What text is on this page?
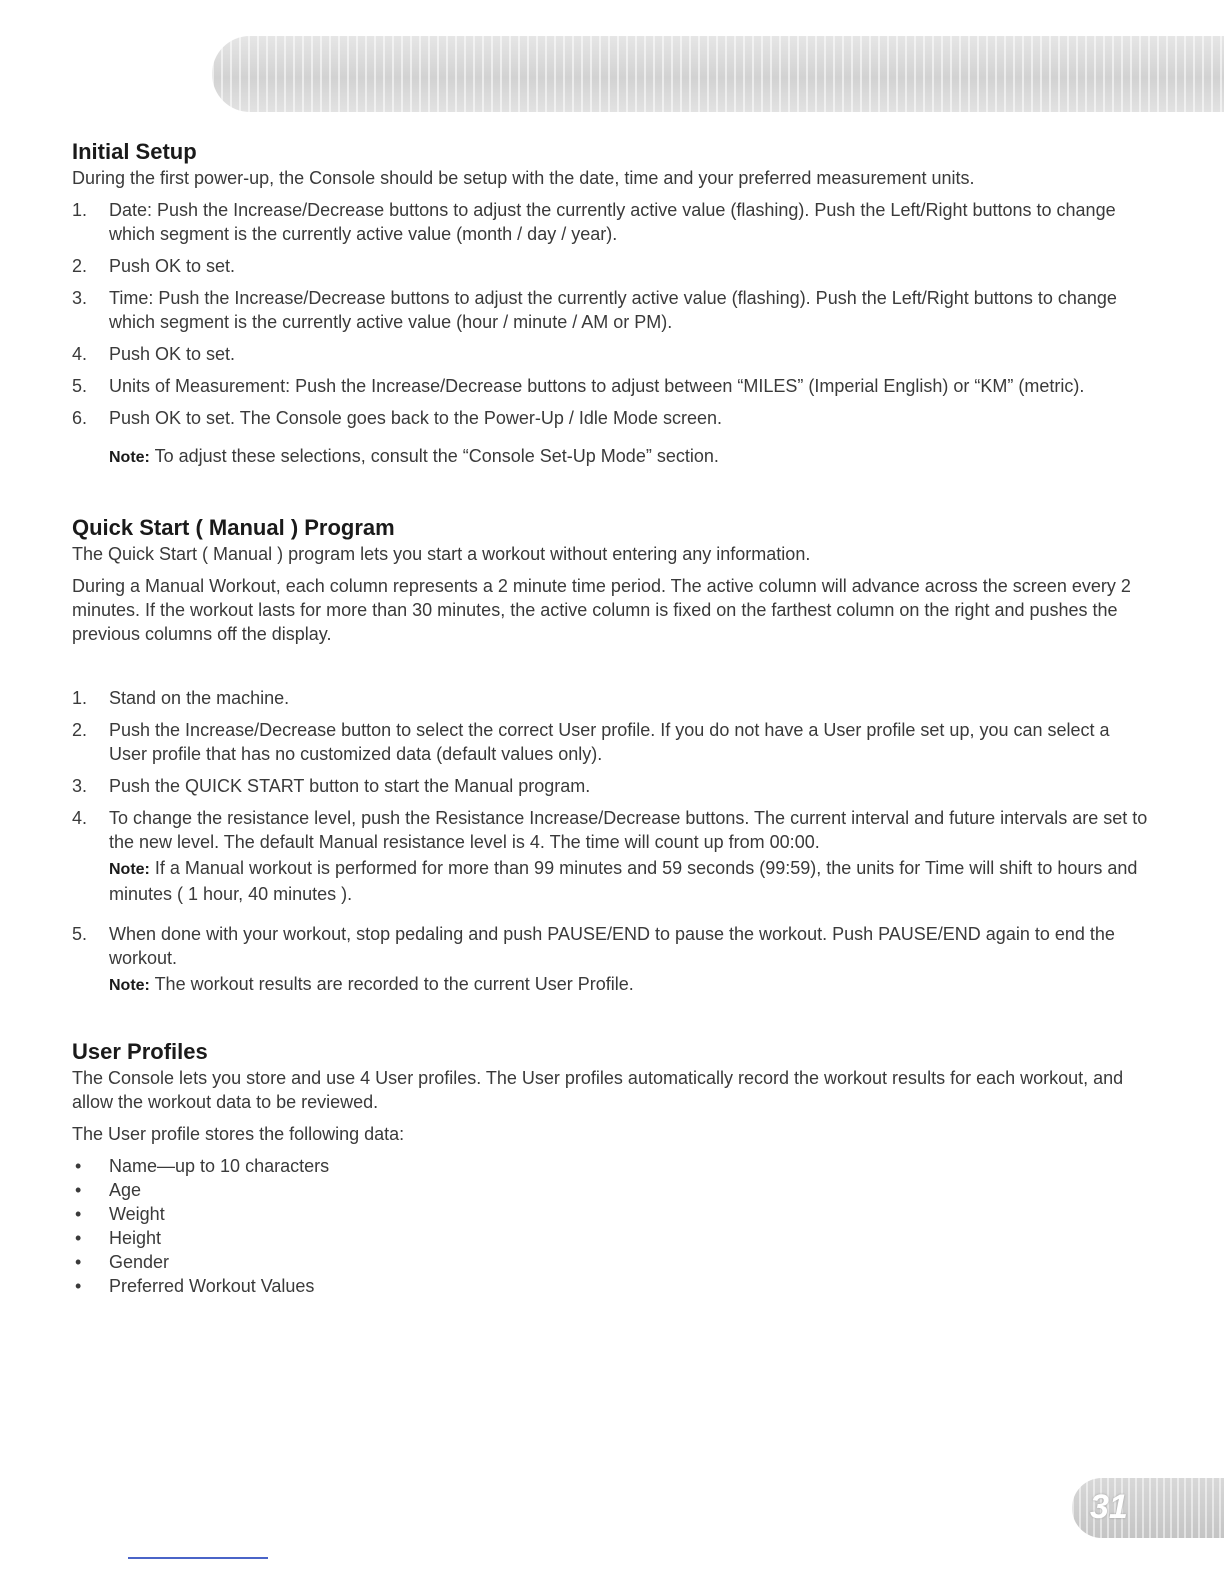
Initial Setup

During the first power-up, the Console should be setup with the date, time and your preferred measurement units.

1. Date: Push the Increase/Decrease buttons to adjust the currently active value (flashing). Push the Left/Right buttons to change which segment is the currently active value (month / day / year).
2. Push OK to set.
3. Time: Push the Increase/Decrease buttons to adjust the currently active value (flashing). Push the Left/Right buttons to change which segment is the currently active value (hour / minute / AM or PM).
4. Push OK to set.
5. Units of Measurement: Push the Increase/Decrease buttons to adjust between “MILES” (Imperial English) or “KM” (metric).
6. Push OK to set. The Console goes back to the Power-Up / Idle Mode screen.
Note: To adjust these selections, consult the “Console Set-Up Mode” section.
Quick Start ( Manual ) Program

The Quick Start ( Manual ) program lets you start a workout without entering any information.

During a Manual Workout, each column represents a 2 minute time period. The active column will advance across the screen every 2 minutes. If the workout lasts for more than 30 minutes, the active column is fixed on the farthest column on the right and pushes the previous columns off the display.

1. Stand on the machine.
2. Push the Increase/Decrease button to select the correct User profile. If you do not have a User profile set up, you can select a User profile that has no customized data (default values only).
3. Push the QUICK START button to start the Manual program.
4. To change the resistance level, push the Resistance Increase/Decrease buttons. The current interval and future intervals are set to the new level. The default Manual resistance level is 4. The time will count up from 00:00.
Note: If a Manual workout is performed for more than 99 minutes and 59 seconds (99:59), the units for Time will shift to hours and minutes ( 1 hour, 40 minutes ).
5. When done with your workout, stop pedaling and push PAUSE/END to pause the workout. Push PAUSE/END again to end the workout.
Note: The workout results are recorded to the current User Profile.
User Profiles

The Console lets you store and use 4 User profiles. The User profiles automatically record the workout results for each workout, and allow the workout data to be reviewed.

The User profile stores the following data:

• Name—up to 10 characters
• Age
• Weight
• Height
• Gender
• Preferred Workout Values
31
